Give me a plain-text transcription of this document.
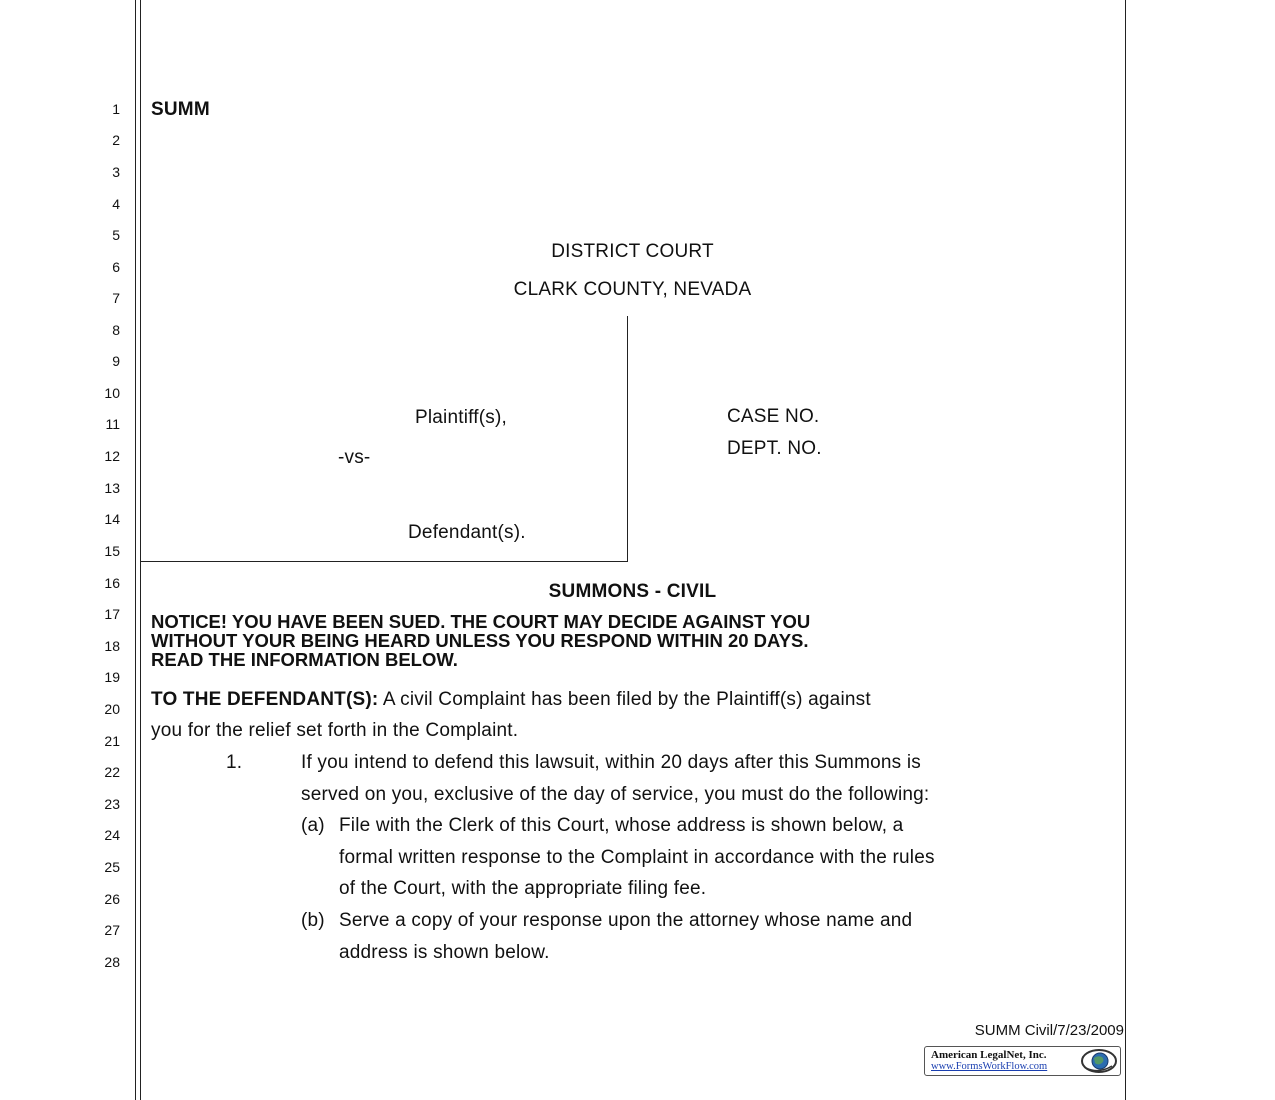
1
2
3
4
5
6
7
8
9
10
11
12
13
14
15
16
17
18
19
20
21
22
23
24
25
26
27
28
SUMM
DISTRICT COURT
CLARK COUNTY, NEVADA
Plaintiff(s),
-vs-
Defendant(s).
CASE NO.
DEPT. NO.
SUMMONS - CIVIL
NOTICE! YOU HAVE BEEN SUED. THE COURT MAY DECIDE AGAINST YOU
WITHOUT YOUR BEING HEARD UNLESS YOU RESPOND WITHIN 20 DAYS.
READ THE INFORMATION BELOW.
TO THE DEFENDANT(S): A civil Complaint has been filed by the Plaintiff(s) against
you for the relief set forth in the Complaint.
1.	If you intend to defend this lawsuit, within 20 days after this Summons is
served on you, exclusive of the day of service, you must do the following:
(a) File with the Clerk of this Court, whose address is shown below, a
formal written response to the Complaint in accordance with the rules
of the Court, with the appropriate filing fee.
(b) Serve a copy of your response upon the attorney whose name and
address is shown below.
SUMM Civil/7/23/2009
American LegalNet, Inc.
www.FormsWorkFlow.com
